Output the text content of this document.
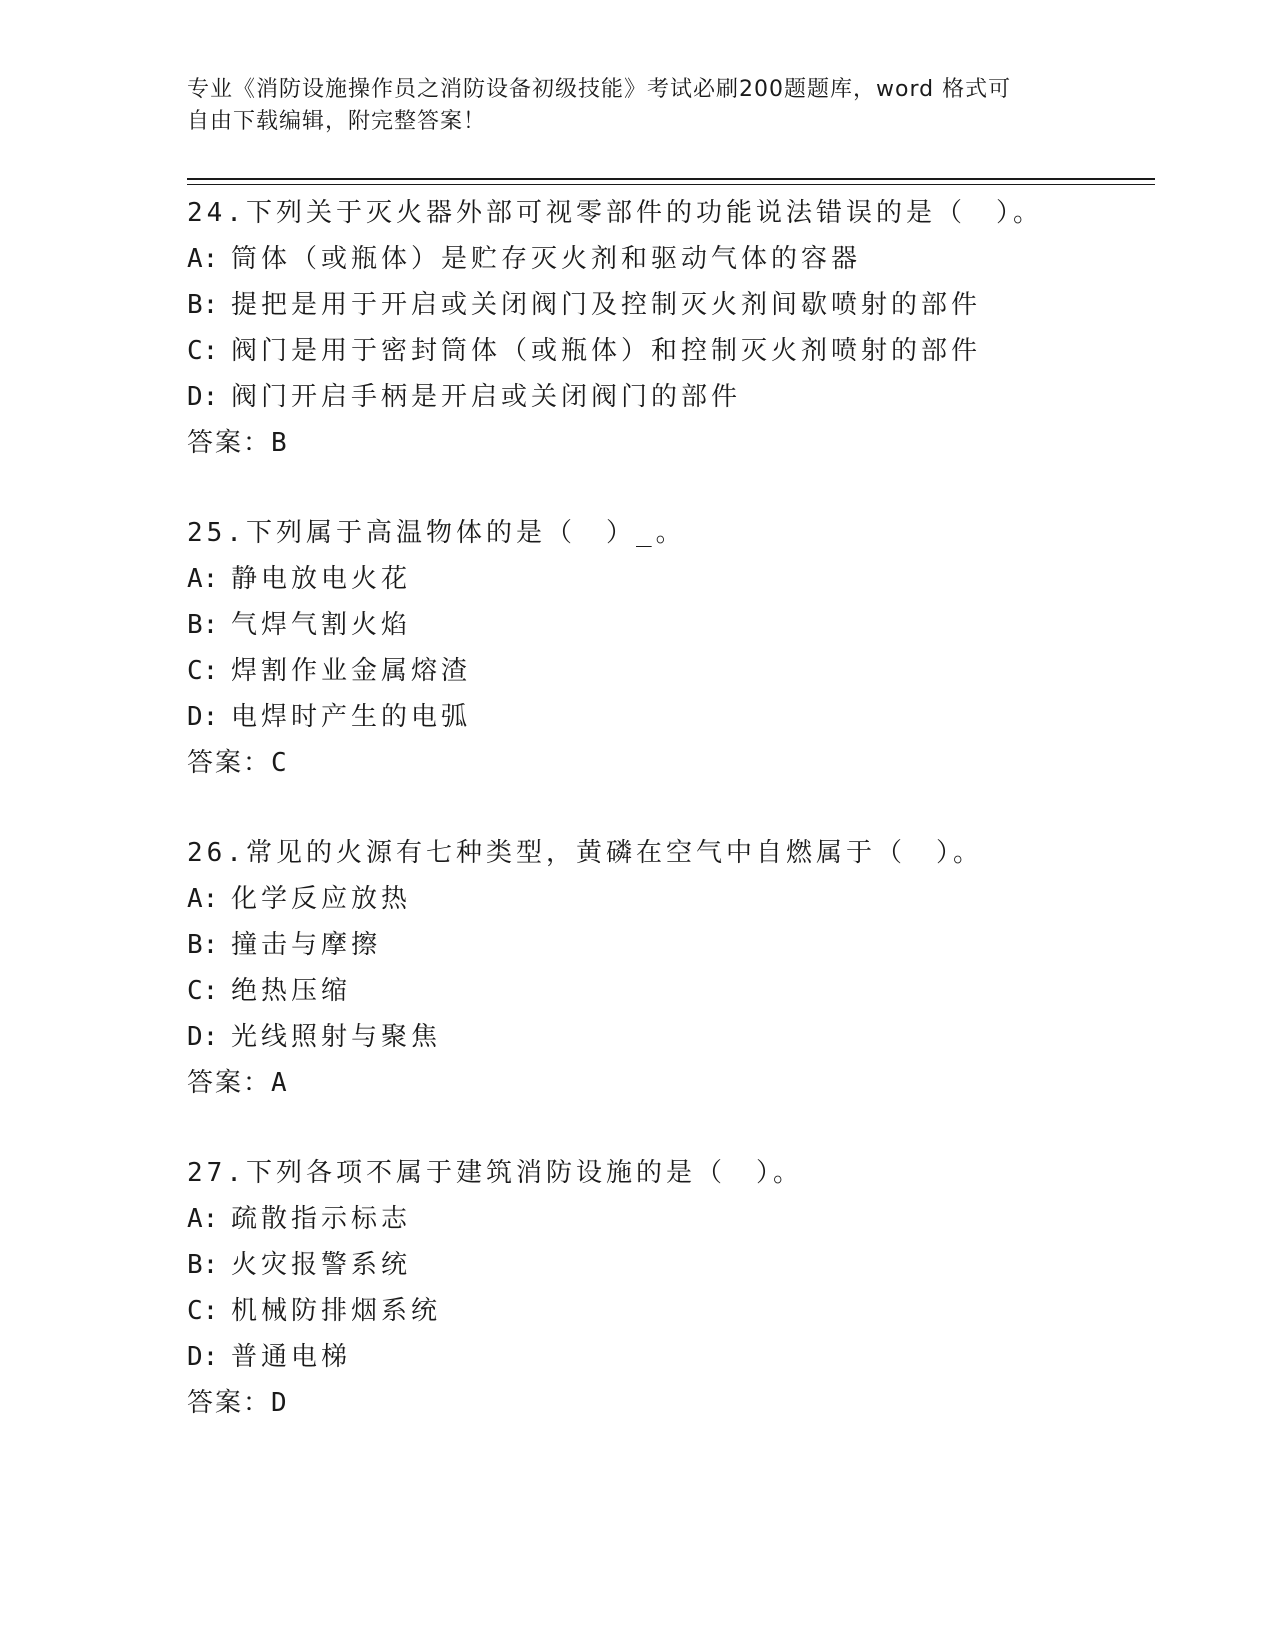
专业《消防设施操作员之消防设备初级技能》考试必刷200题题库，word 格式可
自由下载编辑，附完整答案！
24.下列关于灭火器外部可视零部件的功能说法错误的是（　）。
A: 筒体（或瓶体）是贮存灭火剂和驱动气体的容器
B: 提把是用于开启或关闭阀门及控制灭火剂间歇喷射的部件
C: 阀门是用于密封筒体（或瓶体）和控制灭火剂喷射的部件
D: 阀门开启手柄是开启或关闭阀门的部件
答案：B
25.下列属于高温物体的是（　）_。
A: 静电放电火花
B: 气焊气割火焰
C: 焊割作业金属熔渣
D: 电焊时产生的电弧
答案：C
26.常见的火源有七种类型，黄磷在空气中自燃属于（　）。
A: 化学反应放热
B: 撞击与摩擦
C: 绝热压缩
D: 光线照射与聚焦
答案：A
27.下列各项不属于建筑消防设施的是（　）。
A: 疏散指示标志
B: 火灾报警系统
C: 机械防排烟系统
D: 普通电梯
答案：D
